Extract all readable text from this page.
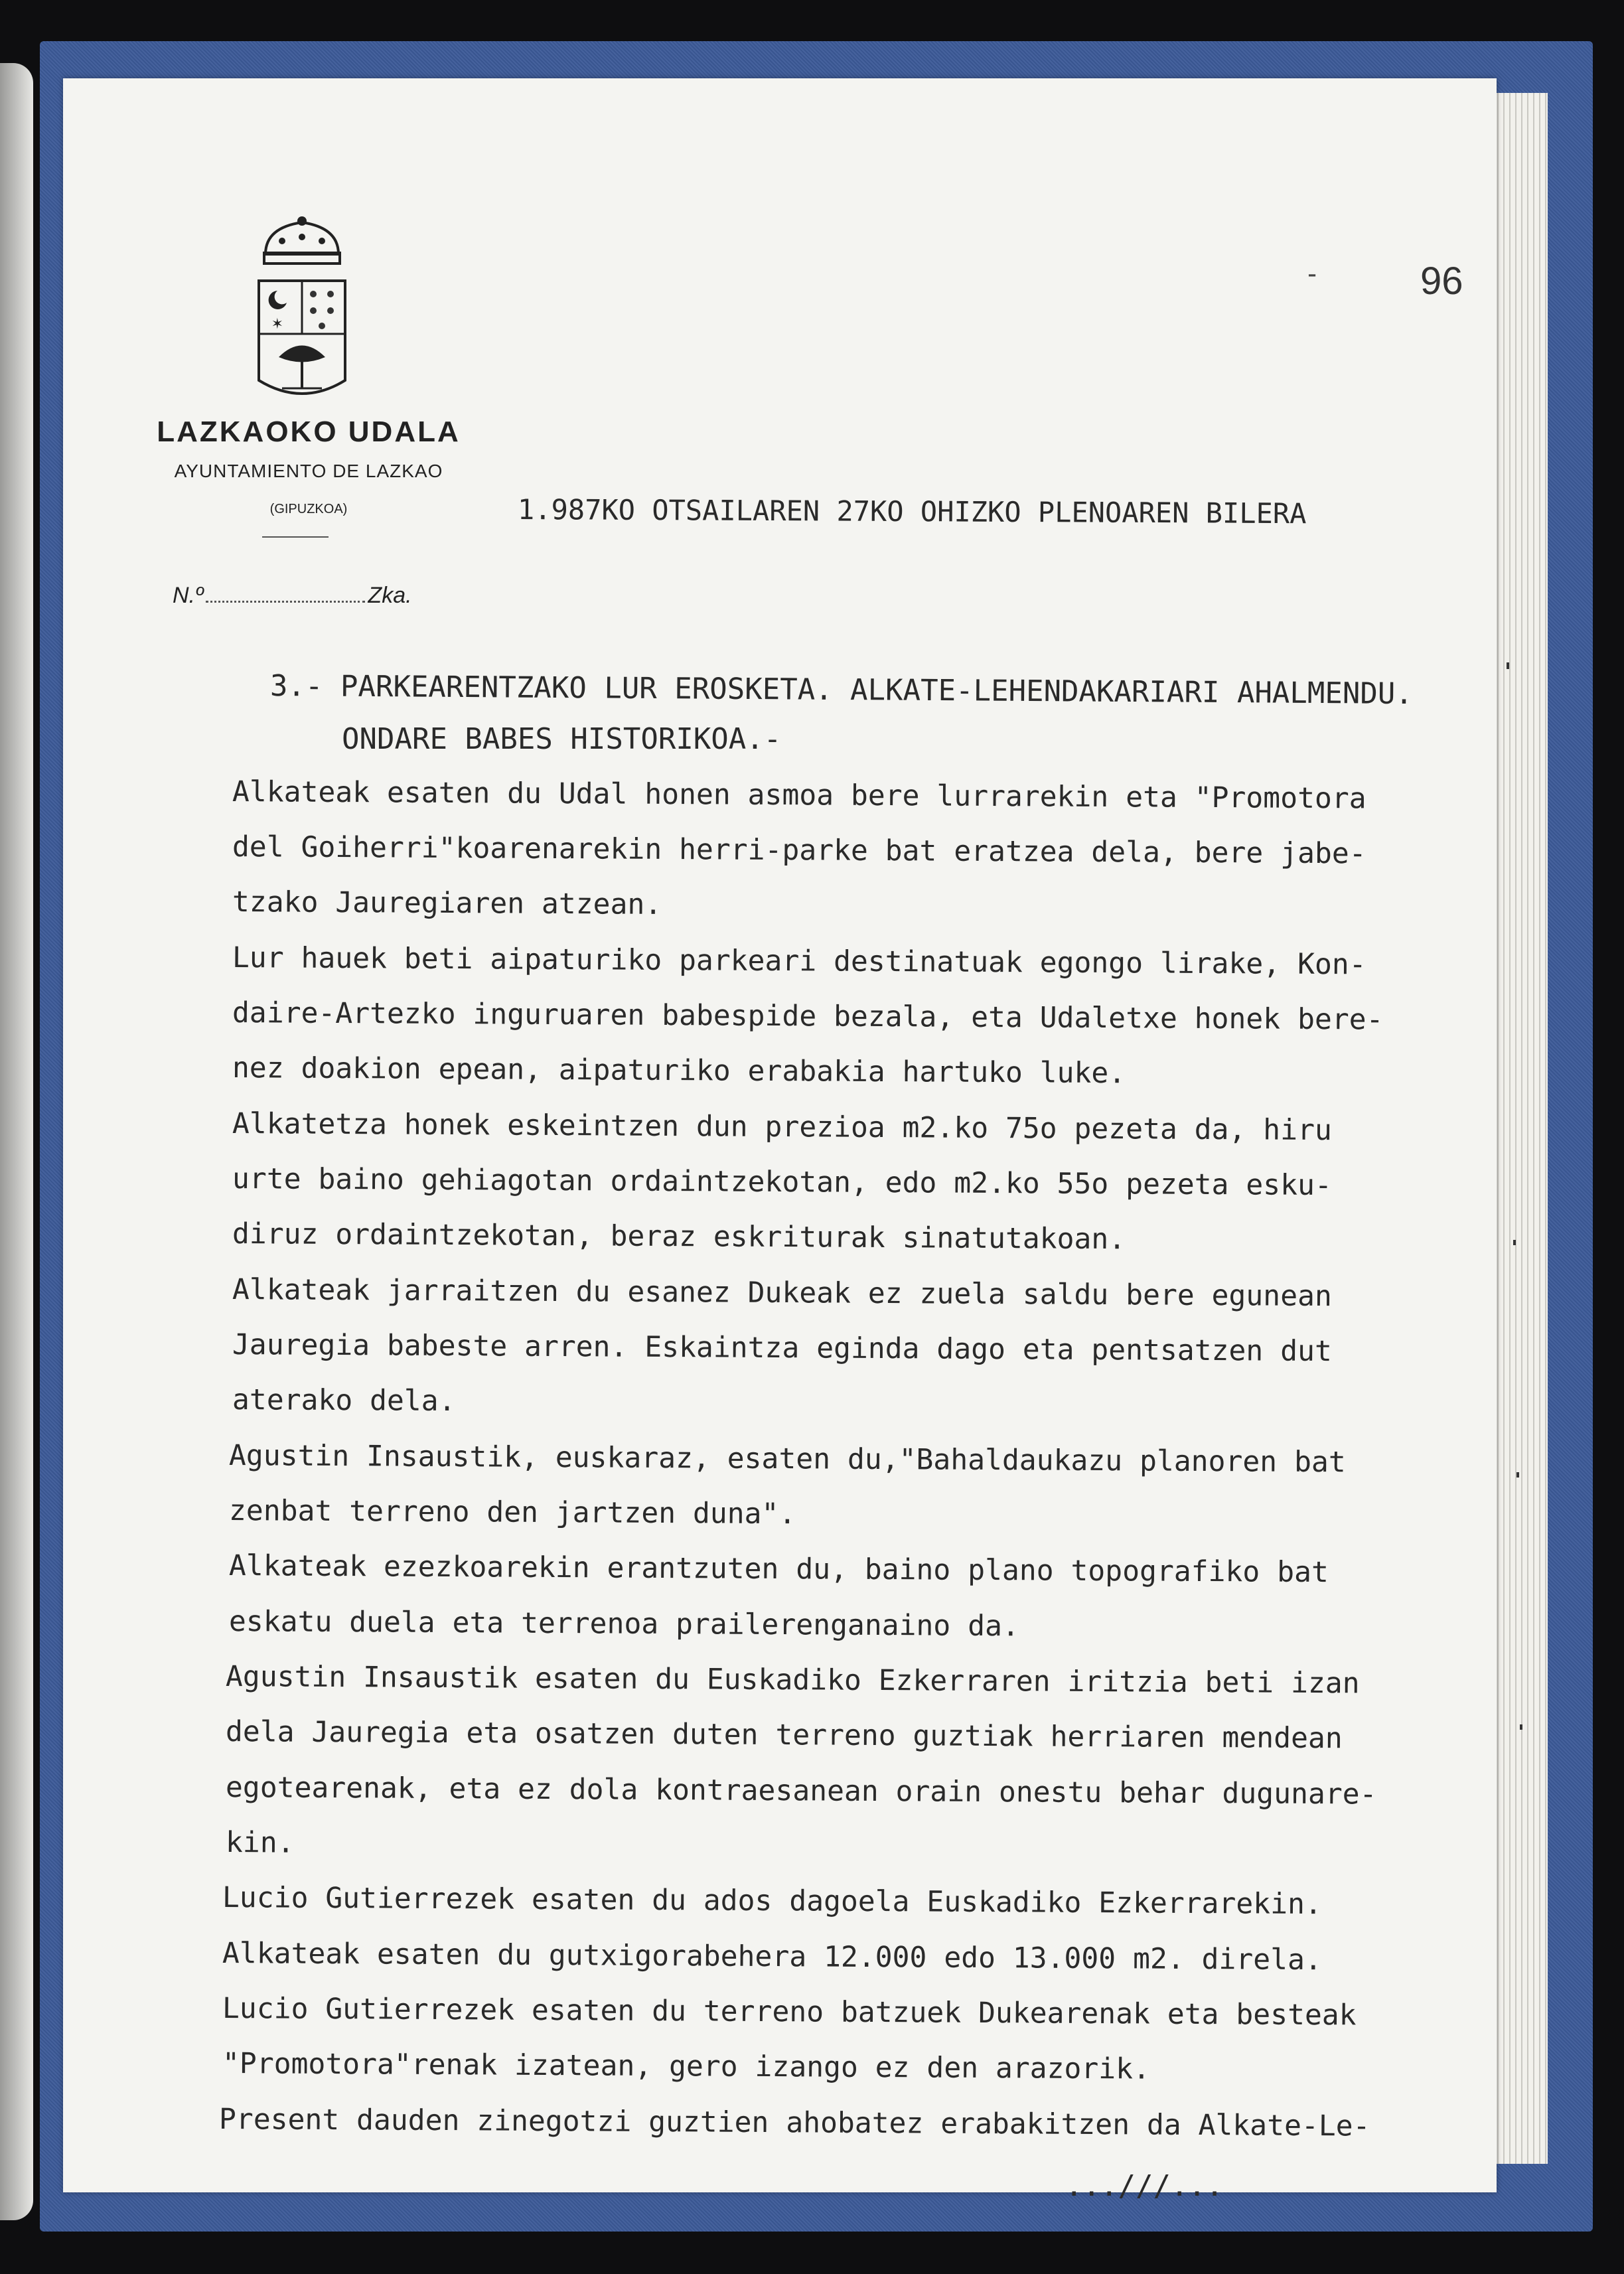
✶
LAZKAOKO UDALA
AYUNTAMIENTO DE LAZKAO
(GIPUZKOA)
N.º	Zka.
-	96
1.987KO OTSAILAREN 27KO OHIZKO PLENOAREN BILERA
3.- PARKEARENTZAKO LUR EROSKETA. ALKATE-LEHENDAKARIARI AHALMENDU.
ONDARE BABES HISTORIKOA.-
Alkateak esaten du Udal honen asmoa bere lurrarekin eta "Promotora
del Goiherri"koarenarekin herri-parke bat eratzea dela, bere jabe-
tzako Jauregiaren atzean.
Lur hauek beti aipaturiko parkeari destinatuak egongo lirake, Kon-
daire-Artezko inguruaren babespide bezala, eta Udaletxe honek bere-
nez doakion epean, aipaturiko erabakia hartuko luke.
Alkatetza honek eskeintzen dun prezioa m2.ko 75o pezeta da, hiru
urte baino gehiagotan ordaintzekotan, edo m2.ko 55o pezeta esku-
diruz ordaintzekotan, beraz eskriturak sinatutakoan.
Alkateak jarraitzen du esanez Dukeak ez zuela saldu bere egunean
Jauregia babeste arren. Eskaintza eginda dago eta pentsatzen dut
aterako dela.
Agustin Insaustik, euskaraz, esaten du,"Bahaldaukazu planoren bat
zenbat terreno den jartzen duna".
Alkateak ezezkoarekin erantzuten du, baino plano topografiko bat
eskatu duela eta terrenoa prailerenganaino da.
Agustin Insaustik esaten du Euskadiko Ezkerraren iritzia beti izan
dela Jauregia eta osatzen duten terreno guztiak herriaren mendean
egotearenak, eta ez dola kontraesanean orain onestu behar dugunare-
kin.
Lucio Gutierrezek esaten du ados dagoela Euskadiko Ezkerrarekin.
Alkateak esaten du gutxigorabehera 12.000 edo 13.000 m2. direla.
Lucio Gutierrezek esaten du terreno batzuek Dukearenak eta besteak
"Promotora"renak izatean, gero izango ez den arazorik.
Present dauden zinegotzi guztien ahobatez erabakitzen da Alkate-Le-
...///...
